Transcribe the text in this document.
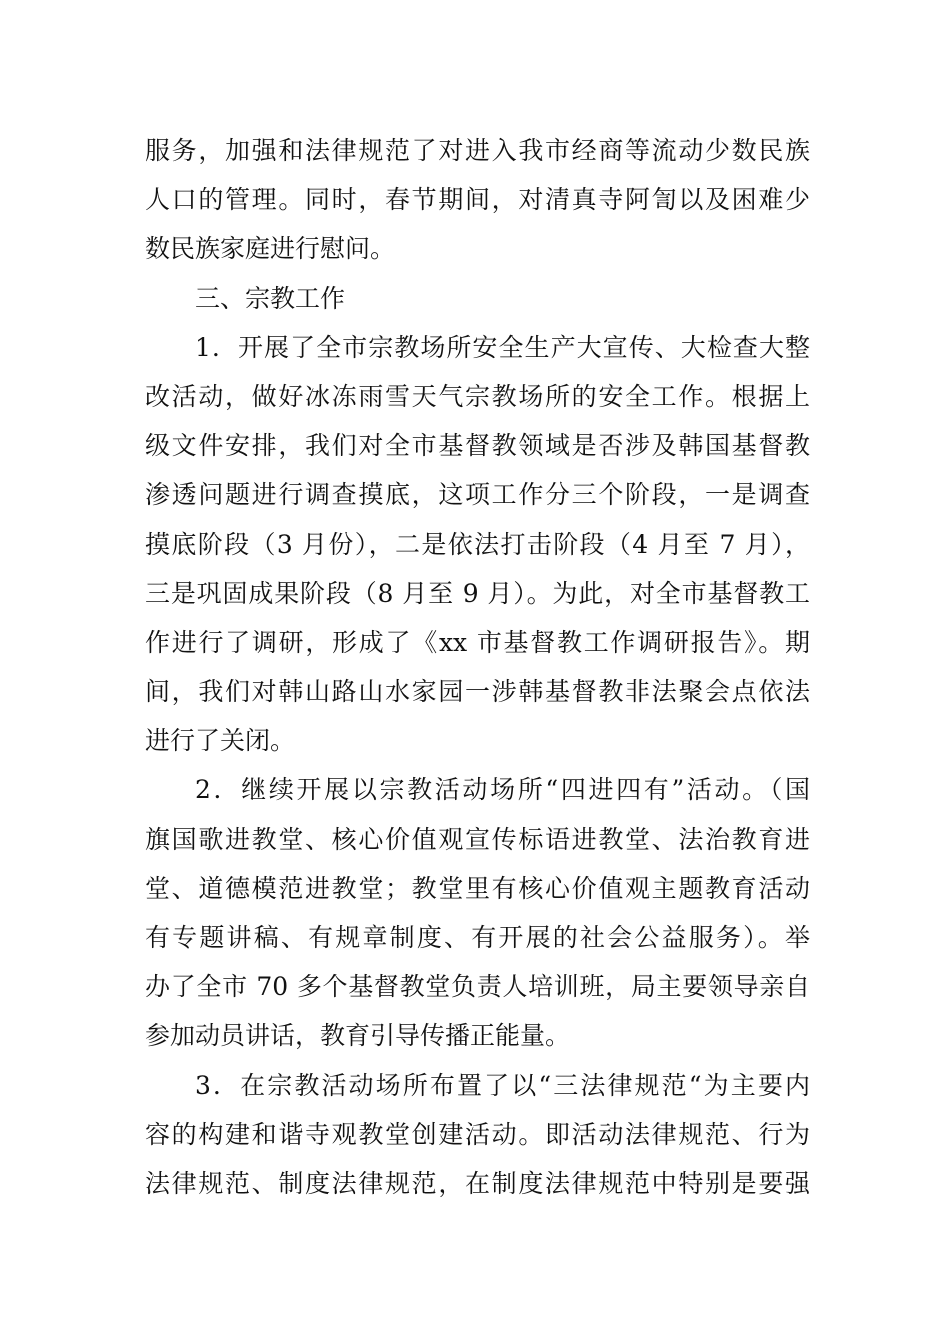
服务，加强和法律规范了对进入我市经商等流动少数民族
人口的管理。同时，春节期间，对清真寺阿訇以及困难少
数民族家庭进行慰问。
三、宗教工作
1．开展了全市宗教场所安全生产大宣传、大检查大整
改活动，做好冰冻雨雪天气宗教场所的安全工作。根据上
级文件安排，我们对全市基督教领域是否涉及韩国基督教
渗透问题进行调查摸底，这项工作分三个阶段，一是调查
摸底阶段（3 月份），二是依法打击阶段（4 月至 7 月），
三是巩固成果阶段（8 月至 9 月）。为此，对全市基督教工
作进行了调研，形成了《xx 市基督教工作调研报告》。期
间，我们对韩山路山水家园一涉韩基督教非法聚会点依法
进行了关闭。
2．继续开展以宗教活动场所“四进四有”活动。（国
旗国歌进教堂、核心价值观宣传标语进教堂、法治教育进
堂、道德模范进教堂；教堂里有核心价值观主题教育活动
有专题讲稿、有规章制度、有开展的社会公益服务）。举
办了全市 70 多个基督教堂负责人培训班，局主要领导亲自
参加动员讲话，教育引导传播正能量。
3．在宗教活动场所布置了以“三法律规范“为主要内
容的构建和谐寺观教堂创建活动。即活动法律规范、行为
法律规范、制度法律规范，在制度法律规范中特别是要强
